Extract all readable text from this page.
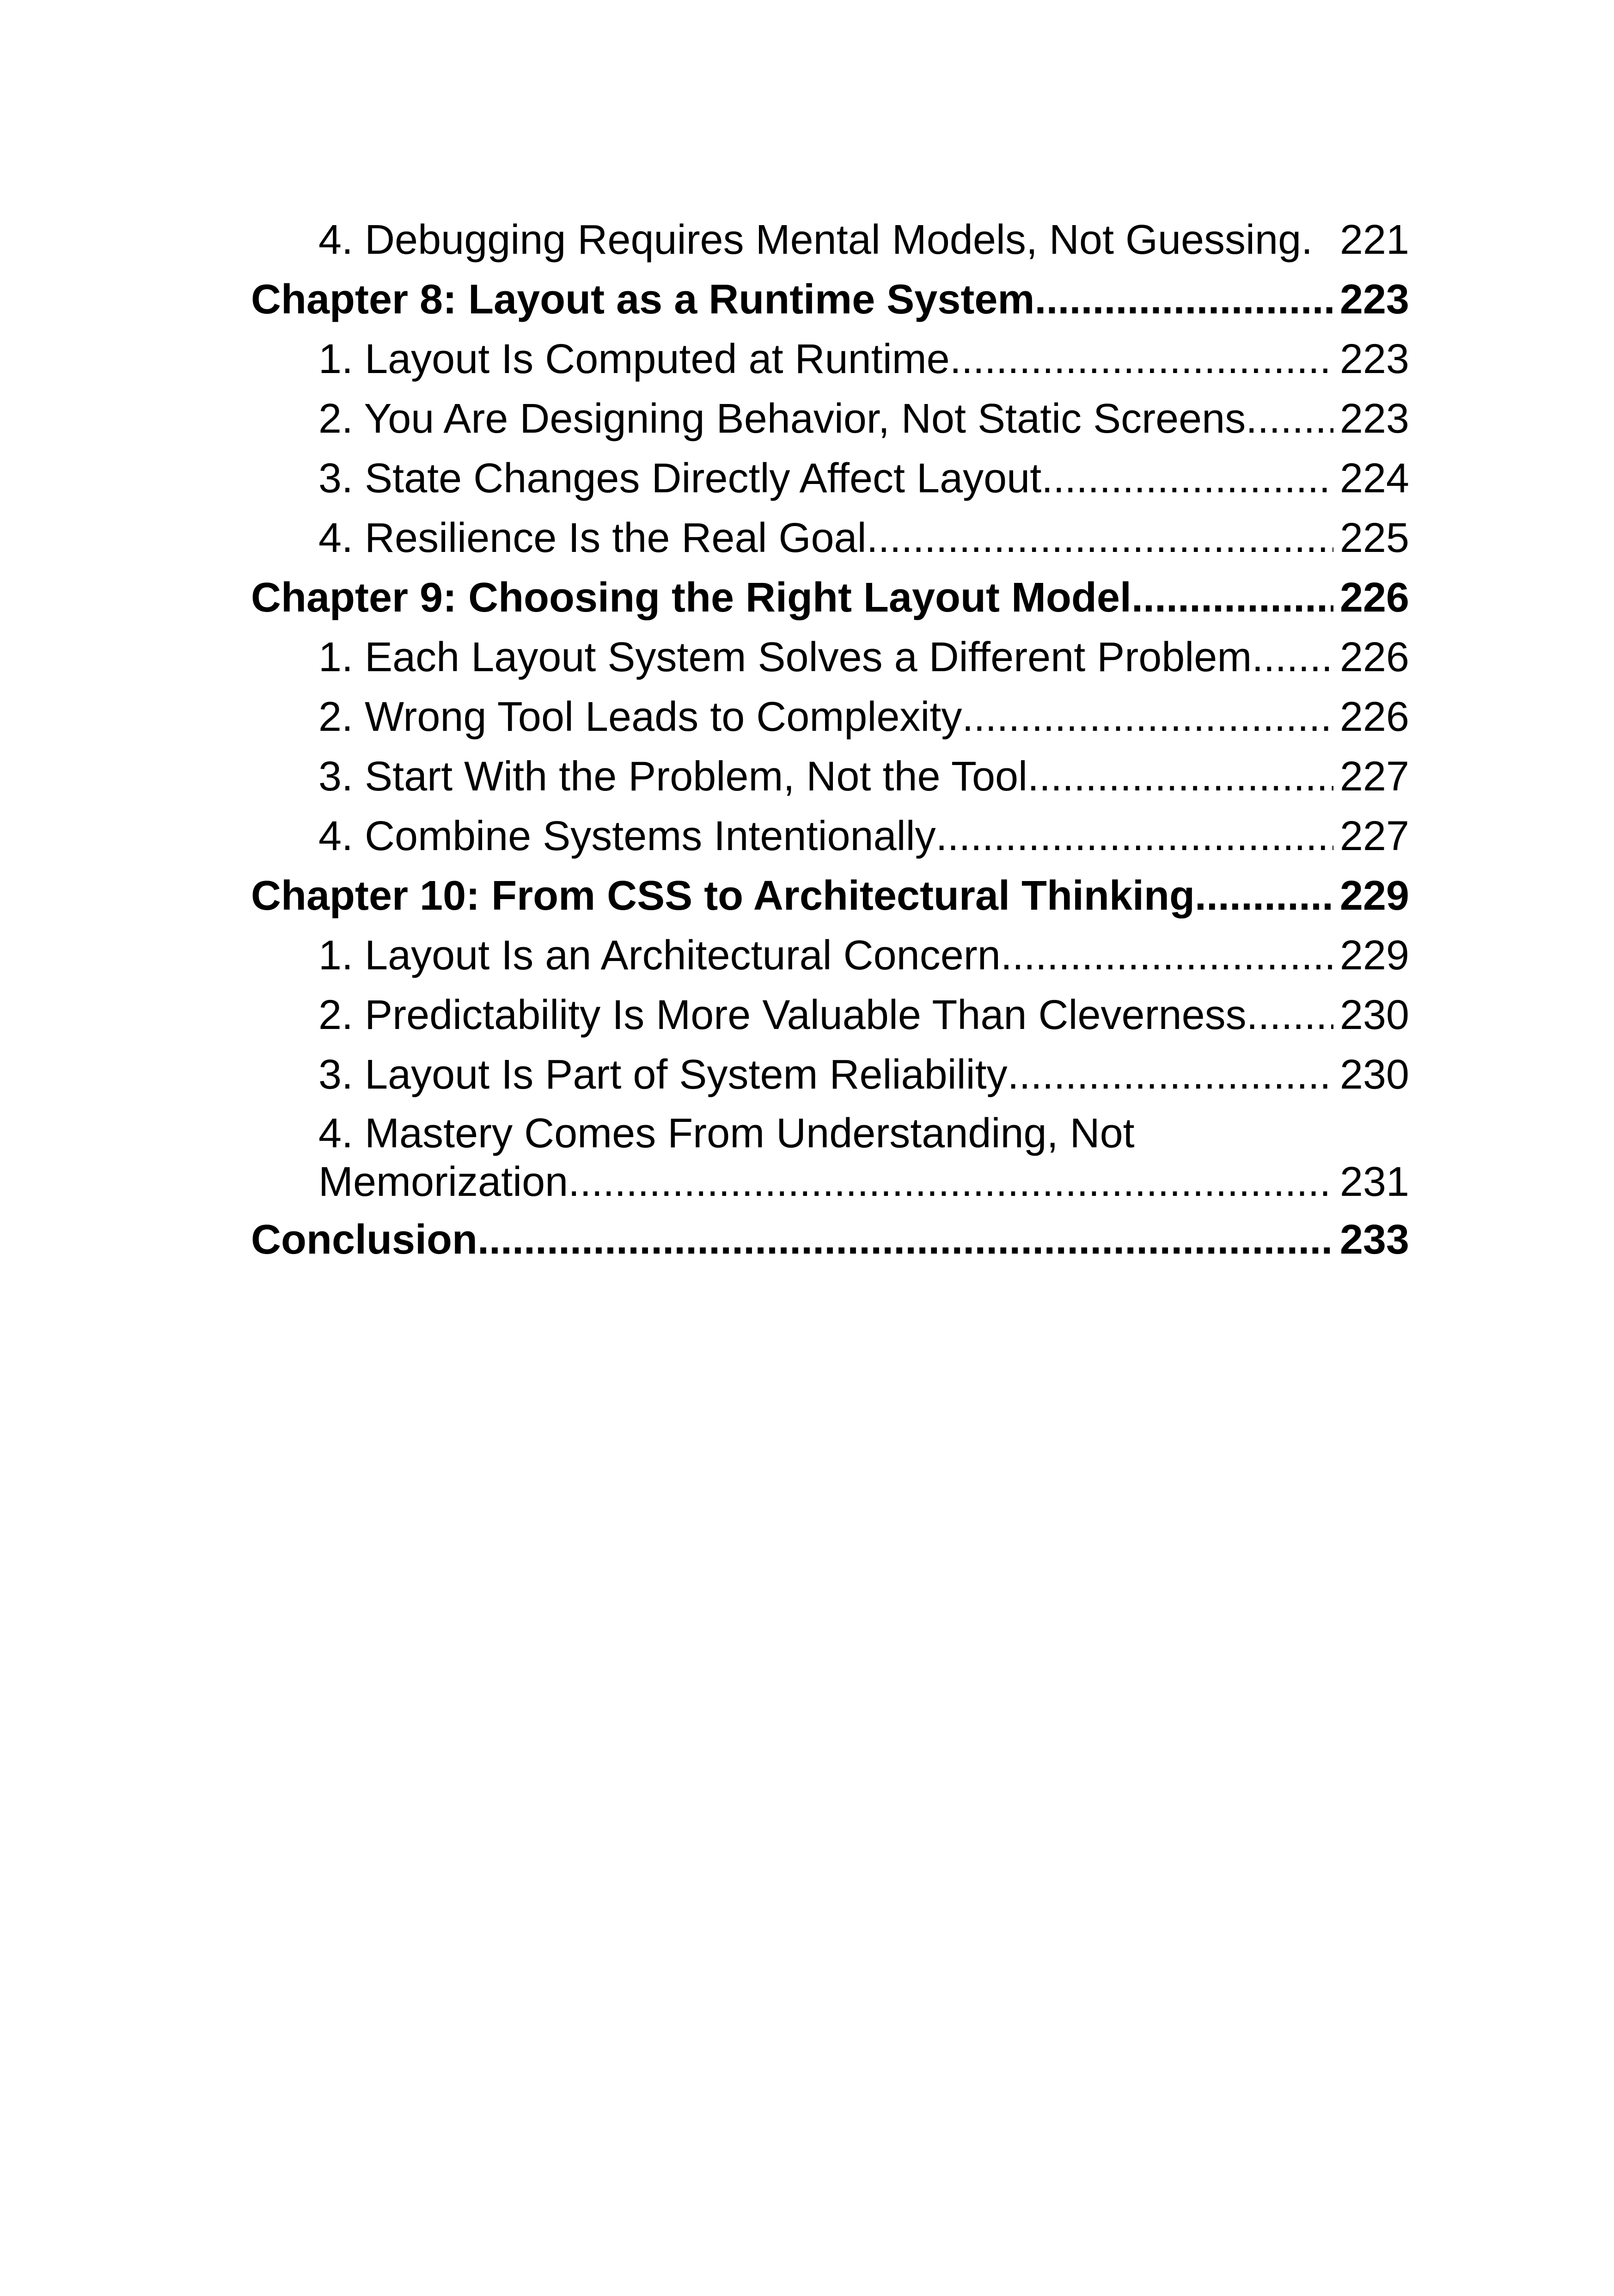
4. Debugging Requires Mental Models, Not Guessing. 221
Chapter 8: Layout as a Runtime System .....	223
1. Layout Is Computed at Runtime .....	223
2. You Are Designing Behavior, Not Static Screens ..... 223
3. State Changes Directly Affect Layout .....	224
4. Resilience Is the Real Goal .....	225
Chapter 9: Choosing the Right Layout Model .....	226
1. Each Layout System Solves a Different Problem ..... 226
2. Wrong Tool Leads to Complexity .....	226
3. Start With the Problem, Not the Tool .....	227
4. Combine Systems Intentionally .....	227
Chapter 10: From CSS to Architectural Thinking .....	229
1. Layout Is an Architectural Concern .....	229
2. Predictability Is More Valuable Than Cleverness ..... 230
3. Layout Is Part of System Reliability .....	230
4. Mastery Comes From Understanding, Not
Memorization .....	231
Conclusion .....	233
